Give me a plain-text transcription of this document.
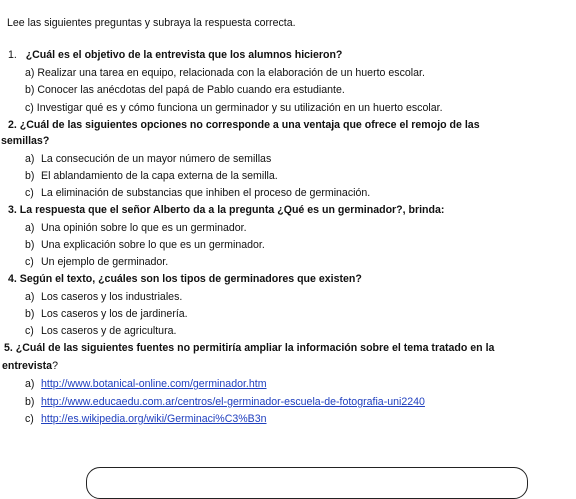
Lee las siguientes preguntas y subraya la respuesta correcta.
1. ¿Cuál es el objetivo de la entrevista que los alumnos hicieron?
a) Realizar una tarea en equipo, relacionada con la elaboración de un huerto escolar.
b) Conocer las anécdotas del papá de Pablo cuando era estudiante.
c) Investigar qué es y cómo funciona un germinador y su utilización en un huerto escolar.
2. ¿Cuál de las siguientes opciones no corresponde a una ventaja que ofrece el remojo de las
semillas?
a) La consecución de un mayor número de semillas
b) El ablandamiento de la capa externa de la semilla.
c) La eliminación de substancias que inhiben el proceso de germinación.
3. La respuesta que el señor Alberto da a la pregunta ¿Qué es un germinador?, brinda:
a) Una opinión sobre lo que es un germinador.
b) Una explicación sobre lo que es un germinador.
c) Un ejemplo de germinador.
4. Según el texto, ¿cuáles son los tipos de germinadores que existen?
a) Los caseros y los industriales.
b) Los caseros y los de jardinería.
c) Los caseros y de agricultura.
5. ¿Cuál de las siguientes fuentes no permitiría ampliar la información sobre el tema tratado en la
entrevista?
a) http://www.botanical-online.com/germinador.htm
b) http://www.educaedu.com.ar/centros/el-germinador-escuela-de-fotografia-uni2240
c) http://es.wikipedia.org/wiki/Germinaci%C3%B3n
